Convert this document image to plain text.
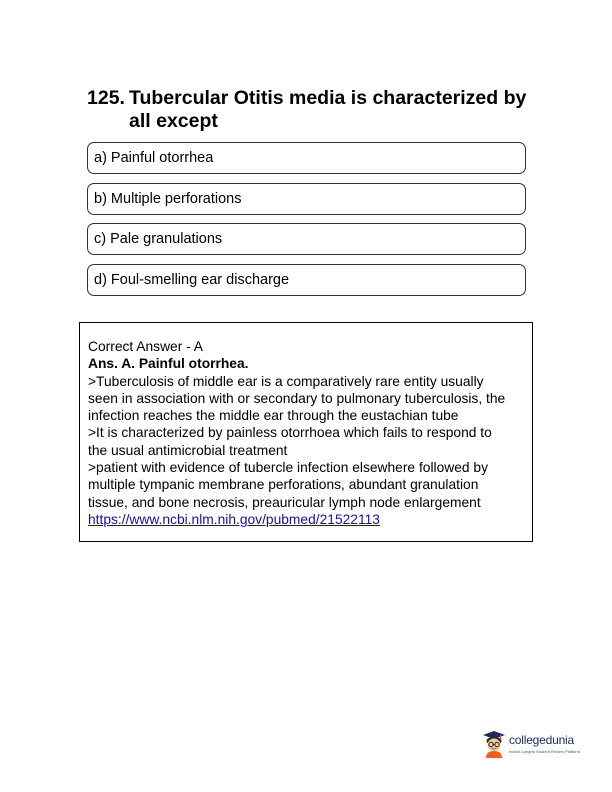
125. Tubercular Otitis media is characterized by all except
a) Painful otorrhea
b) Multiple perforations
c) Pale granulations
d) Foul-smelling ear discharge
Correct Answer - A
Ans. A. Painful otorrhea.
>Tuberculosis of middle ear is a comparatively rare entity usually
seen in association with or secondary to pulmonary tuberculosis, the
infection reaches the middle ear through the eustachian tube
>It is characterized by painless otorrhoea which fails to respond to
the usual antimicrobial treatment
>patient with evidence of tubercle infection elsewhere followed by
multiple tympanic membrane perforations, abundant granulation
tissue, and bone necrosis, preauricular lymph node enlargement
https://www.ncbi.nlm.nih.gov/pubmed/21522113
collegedunia
India's Largest Student Review Platform
